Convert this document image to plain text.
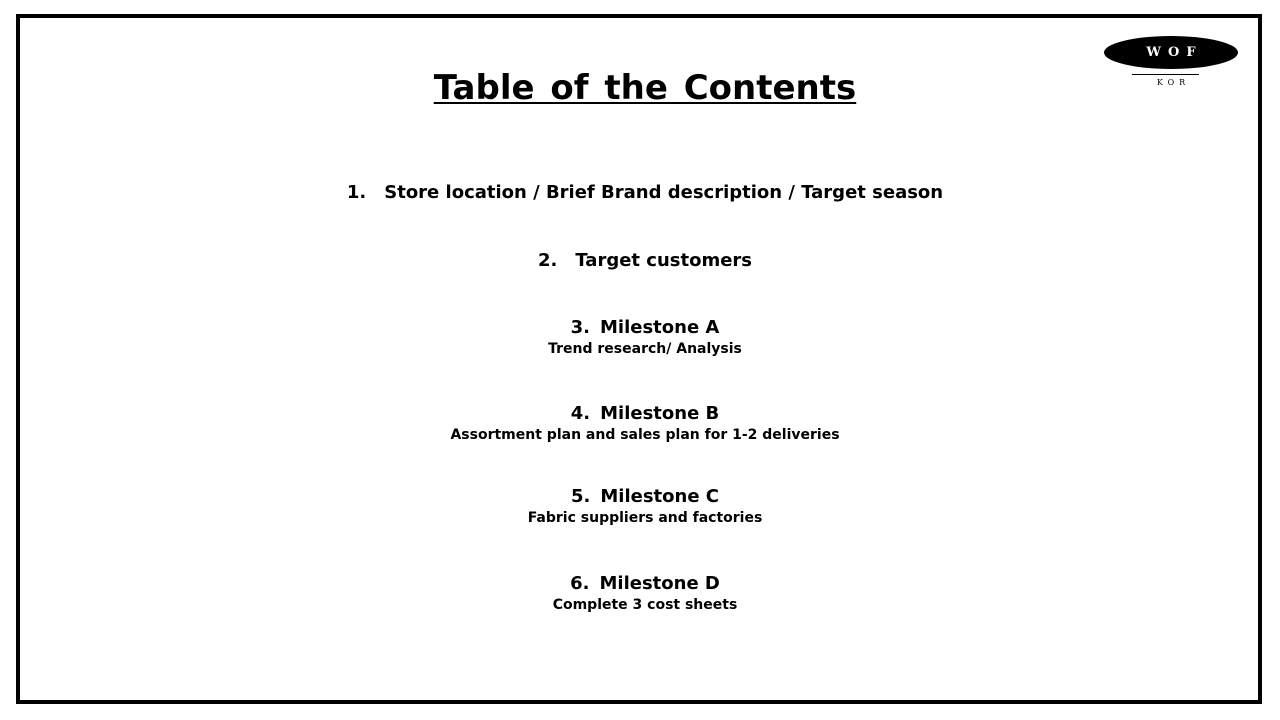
WOF
KOR
Table of the Contents
1. Store location / Brief Brand description / Target season
2. Target customers
3. Milestone A
Trend research/ Analysis
4. Milestone B
Assortment plan and sales plan for 1-2 deliveries
5. Milestone C
Fabric suppliers and factories
6. Milestone D
Complete 3 cost sheets
